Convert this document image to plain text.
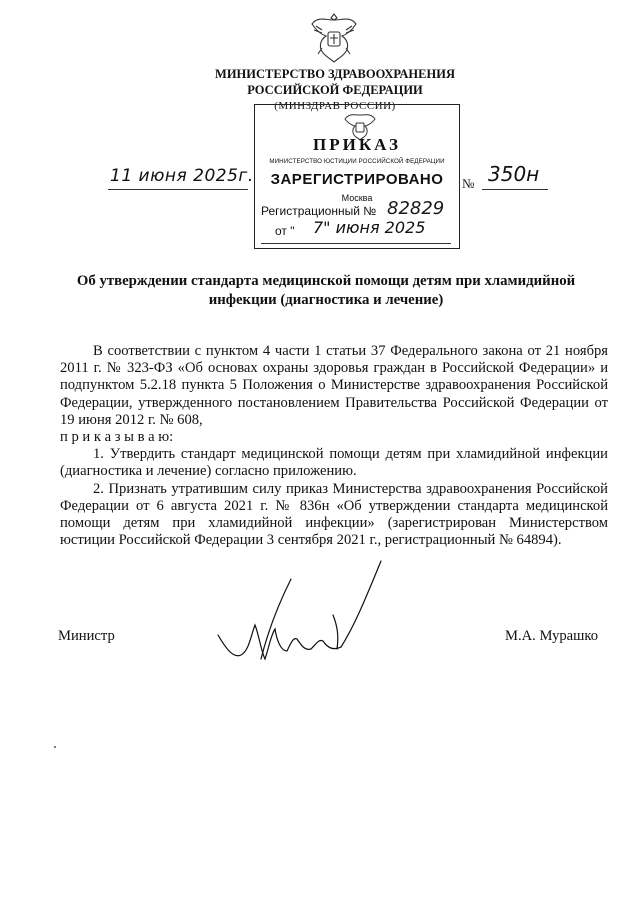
МИНИСТЕРСТВО ЗДРАВООХРАНЕНИЯ
РОССИЙСКОЙ ФЕДЕРАЦИИ
(МИНЗДРАВ РОССИИ)
ПРИКАЗ
МИНИСТЕРСТВО ЮСТИЦИИ РОССИЙСКОЙ ФЕДЕРАЦИИ
ЗАРЕГИСТРИРОВАНО
Москва
Регистрационный № 82829
от " 7" июня 2025
11 июня 2025г.	№ 350н
Об утверждении стандарта медицинской помощи детям при хламидийной инфекции (диагностика и лечение)

В соответствии с пунктом 4 части 1 статьи 37 Федерального закона от 21 ноября 2011 г. № 323-ФЗ «Об основах охраны здоровья граждан в Российской Федерации» и подпунктом 5.2.18 пункта 5 Положения о Министерстве здравоохранения Российской Федерации, утвержденного постановлением Правительства Российской Федерации от 19 июня 2012 г. № 608,

п р и к а з ы в а ю:

1. Утвердить стандарт медицинской помощи детям при хламидийной инфекции (диагностика и лечение) согласно приложению.

2. Признать утратившим силу приказ Министерства здравоохранения Российской Федерации от 6 августа 2021 г. № 836н «Об утверждении стандарта медицинской помощи детям при хламидийной инфекции» (зарегистрирован Министерством юстиции Российской Федерации 3 сентября 2021 г., регистрационный № 64894).

Министр	М.А. Мурашко
